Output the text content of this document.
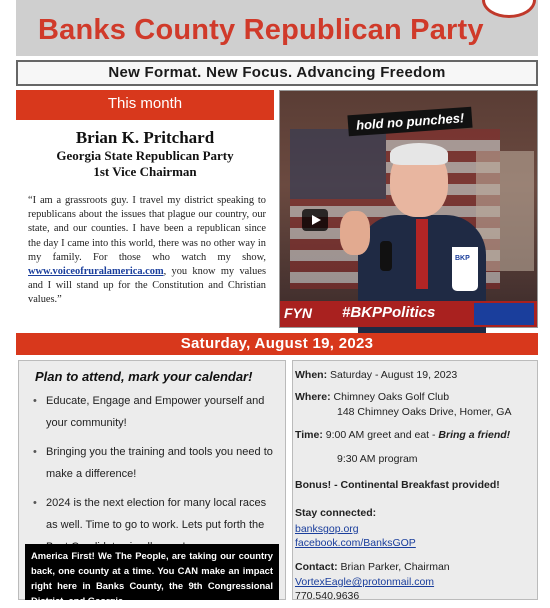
Banks County Republican Party
New Format. New Focus. Advancing Freedom
This month
Brian K. Pritchard
Georgia State Republican Party
1st Vice Chairman

“I am a grassroots guy. I travel my district speaking to republicans about the issues that plague our country, our state, and our counties. I have been a republican since the day I came into this world, there was no other way in my family. For those who watch my show, www.voiceofruralamerica.com, you know my values and I will stand up for the Constitution and Christian values.”

BKP
hold no punches!
FYN #BKPPolitics
Saturday, August 19, 2023
Plan to attend, mark your calendar!
• Educate, Engage and Empower yourself and your community!
• Bringing you the training and tools you need to make a difference!
• 2024 is the next election for many local races as well. Time to go to work. Lets put forth the
America First! We The People, are taking our country back, one county at a time. You CAN make an impact right here in Banks County, the 9th Congressional District, and Georgia.
When: Saturday - August 19, 2023
Where: Chimney Oaks Golf Club
148 Chimney Oaks Drive, Homer, GA
Time: 9:00 AM greet and eat - Bring a friend!
9:30 AM program
Bonus! - Continental Breakfast provided!
Stay connected:
banksgop.org
facebook.com/BanksGOP
Contact: Brian Parker, Chairman
VortexEagle@protonmail.com
770.540.9636
